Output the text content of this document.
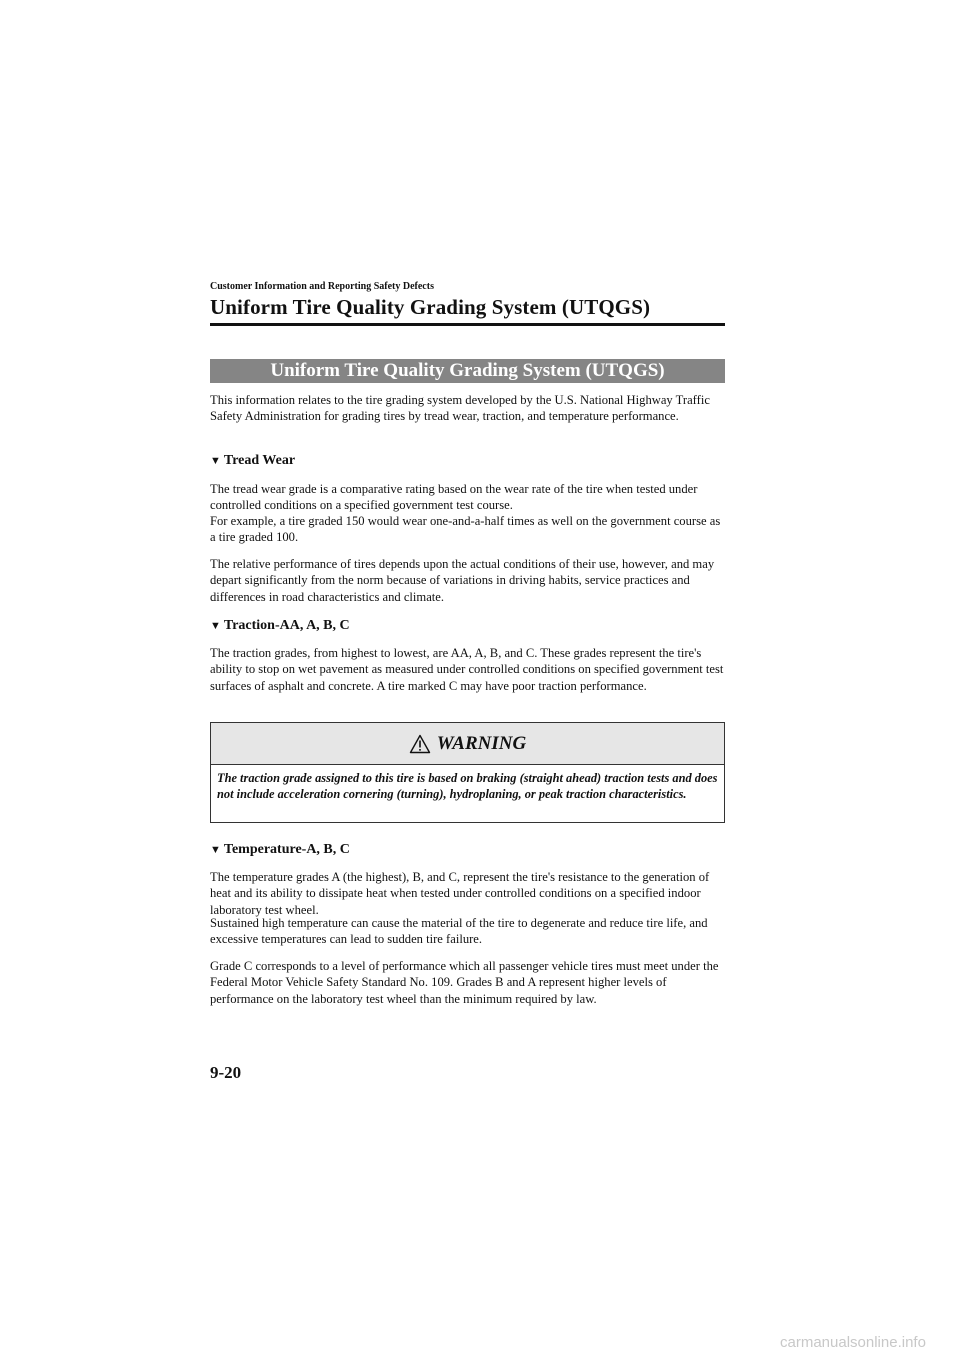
Customer Information and Reporting Safety Defects
Uniform Tire Quality Grading System (UTQGS)
Uniform Tire Quality Grading System (UTQGS)

This information relates to the tire grading system developed by the U.S. National Highway Traffic Safety Administration for grading tires by tread wear, traction, and temperature performance.

▼ Tread Wear

The tread wear grade is a comparative rating based on the wear rate of the tire when tested under controlled conditions on a specified government test course.

For example, a tire graded 150 would wear one-and-a-half times as well on the government course as a tire graded 100.

The relative performance of tires depends upon the actual conditions of their use, however, and may depart significantly from the norm because of variations in driving habits, service practices and differences in road characteristics and climate.

▼ Traction-AA, A, B, C

The traction grades, from highest to lowest, are AA, A, B, and C. These grades represent the tire's ability to stop on wet pavement as measured under controlled conditions on specified government test surfaces of asphalt and concrete. A tire marked C may have poor traction performance.

WARNING

The traction grade assigned to this tire is based on braking (straight ahead) traction tests and does not include acceleration cornering (turning), hydroplaning, or peak traction characteristics.

▼ Temperature-A, B, C

The temperature grades A (the highest), B, and C, represent the tire's resistance to the generation of heat and its ability to dissipate heat when tested under controlled conditions on a specified indoor laboratory test wheel.

Sustained high temperature can cause the material of the tire to degenerate and reduce tire life, and excessive temperatures can lead to sudden tire failure.

Grade C corresponds to a level of performance which all passenger vehicle tires must meet under the Federal Motor Vehicle Safety Standard No. 109. Grades B and A represent higher levels of performance on the laboratory test wheel than the minimum required by law.

9-20
carmanualsonline.info
